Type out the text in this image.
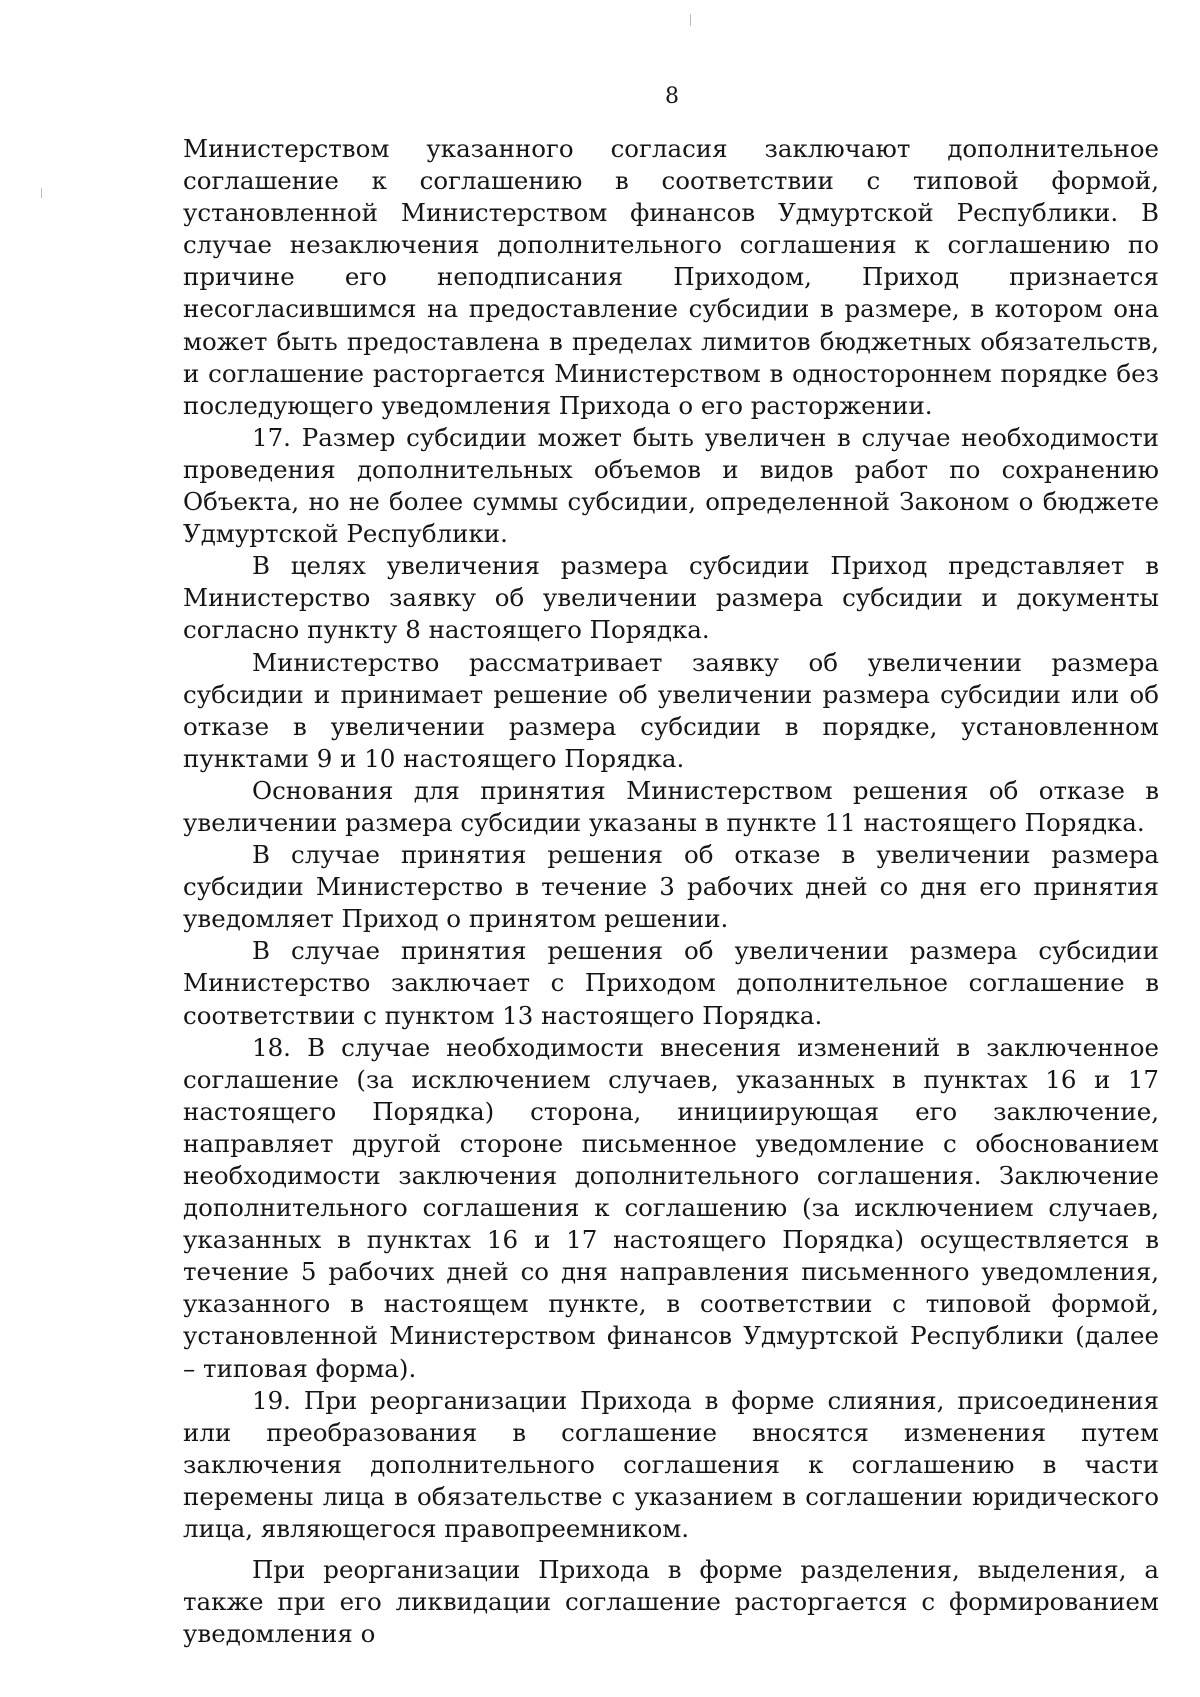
8

Министерством указанного согласия заключают дополнительное соглашение к соглашению в соответствии с типовой формой, установленной Министерством финансов Удмуртской Республики. В случае незаключения дополнительного соглашения к соглашению по причине его неподписания Приходом, Приход признается несогласившимся на предоставление субсидии в размере, в котором она может быть предоставлена в пределах лимитов бюджетных обязательств, и соглашение расторгается Министерством в одностороннем порядке без последующего уведомления Прихода о его расторжении.

17. Размер субсидии может быть увеличен в случае необходимости проведения дополнительных объемов и видов работ по сохранению Объекта, но не более суммы субсидии, определенной Законом о бюджете Удмуртской Республики.

В целях увеличения размера субсидии Приход представляет в Министерство заявку об увеличении размера субсидии и документы согласно пункту 8 настоящего Порядка.

Министерство рассматривает заявку об увеличении размера субсидии и принимает решение об увеличении размера субсидии или об отказе в увеличении размера субсидии в порядке, установленном пунктами 9 и 10 настоящего Порядка.

Основания для принятия Министерством решения об отказе в увеличении размера субсидии указаны в пункте 11 настоящего Порядка.

В случае принятия решения об отказе в увеличении размера субсидии Министерство в течение 3 рабочих дней со дня его принятия уведомляет Приход о принятом решении.

В случае принятия решения об увеличении размера субсидии Министерство заключает с Приходом дополнительное соглашение в соответствии с пунктом 13 настоящего Порядка.

18. В случае необходимости внесения изменений в заключенное соглашение (за исключением случаев, указанных в пунктах 16 и 17 настоящего Порядка) сторона, инициирующая его заключение, направляет другой стороне письменное уведомление с обоснованием необходимости заключения дополнительного соглашения. Заключение дополнительного соглашения к соглашению (за исключением случаев, указанных в пунктах 16 и 17 настоящего Порядка) осуществляется в течение 5 рабочих дней со дня направления письменного уведомления, указанного в настоящем пункте, в соответствии с типовой формой, установленной Министерством финансов Удмуртской Республики (далее – типовая форма).

19. При реорганизации Прихода в форме слияния, присоединения или преобразования в соглашение вносятся изменения путем заключения дополнительного соглашения к соглашению в части перемены лица в обязательстве с указанием в соглашении юридического лица, являющегося правопреемником.

При реорганизации Прихода в форме разделения, выделения, а также при его ликвидации соглашение расторгается с формированием уведомления о
